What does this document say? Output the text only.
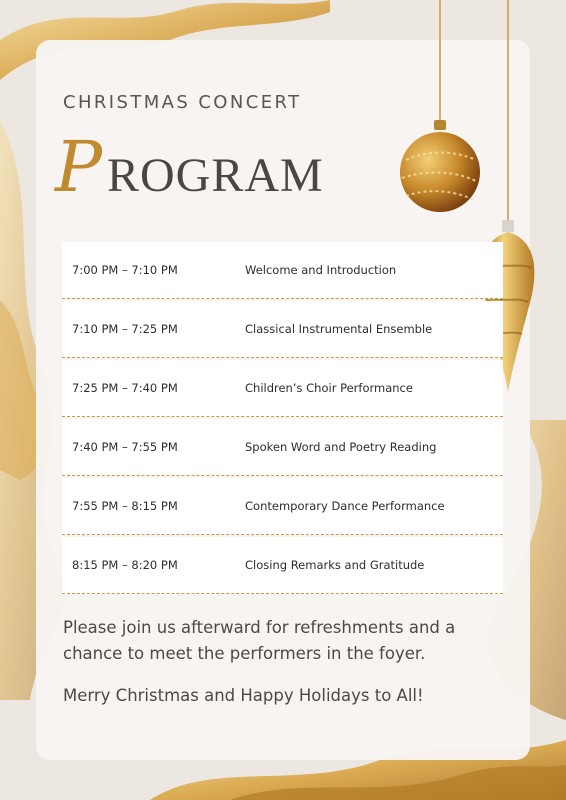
CHRISTMAS CONCERT
P ROGRAM
7:00 PM – 7:10 PM	Welcome and Introduction
7:10 PM – 7:25 PM	Classical Instrumental Ensemble
7:25 PM – 7:40 PM	Children’s Choir Performance
7:40 PM – 7:55 PM	Spoken Word and Poetry Reading
7:55 PM – 8:15 PM	Contemporary Dance Performance
8:15 PM – 8:20 PM	Closing Remarks and Gratitude
Please join us afterward for refreshments and a chance to meet the performers in the foyer.
Merry Christmas and Happy Holidays to All!
